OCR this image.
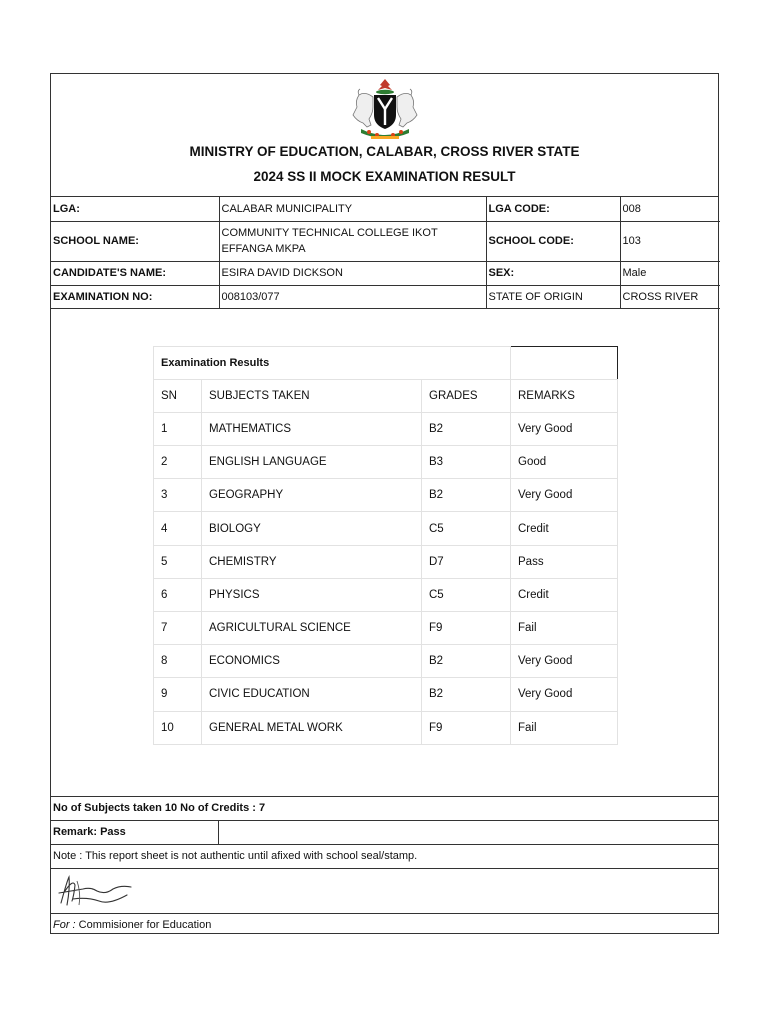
MINISTRY OF EDUCATION, CALABAR, CROSS RIVER STATE
2024 SS II MOCK EXAMINATION RESULT
LGA:	CALABAR MUNICIPALITY	LGA CODE:	008
SCHOOL NAME:	COMMUNITY TECHNICAL COLLEGE IKOT EFFANGA MKPA	SCHOOL CODE:	103
CANDIDATE'S NAME:	ESIRA DAVID DICKSON	SEX:	Male
EXAMINATION NO:	008103/077	STATE OF ORIGIN	CROSS RIVER
Examination Results			
SN	SUBJECTS TAKEN	GRADES	REMARKS
1	MATHEMATICS	B2	Very Good
2	ENGLISH LANGUAGE	B3	Good
3	GEOGRAPHY	B2	Very Good
4	BIOLOGY	C5	Credit
5	CHEMISTRY	D7	Pass
6	PHYSICS	C5	Credit
7	AGRICULTURAL SCIENCE	F9	Fail
8	ECONOMICS	B2	Very Good
9	CIVIC EDUCATION	B2	Very Good
10	GENERAL METAL WORK	F9	Fail
No of Subjects taken 10 No of Credits : 7
Remark: Pass
Note : This report sheet is not authentic until afixed with school seal/stamp.
For : Commisioner for Education
